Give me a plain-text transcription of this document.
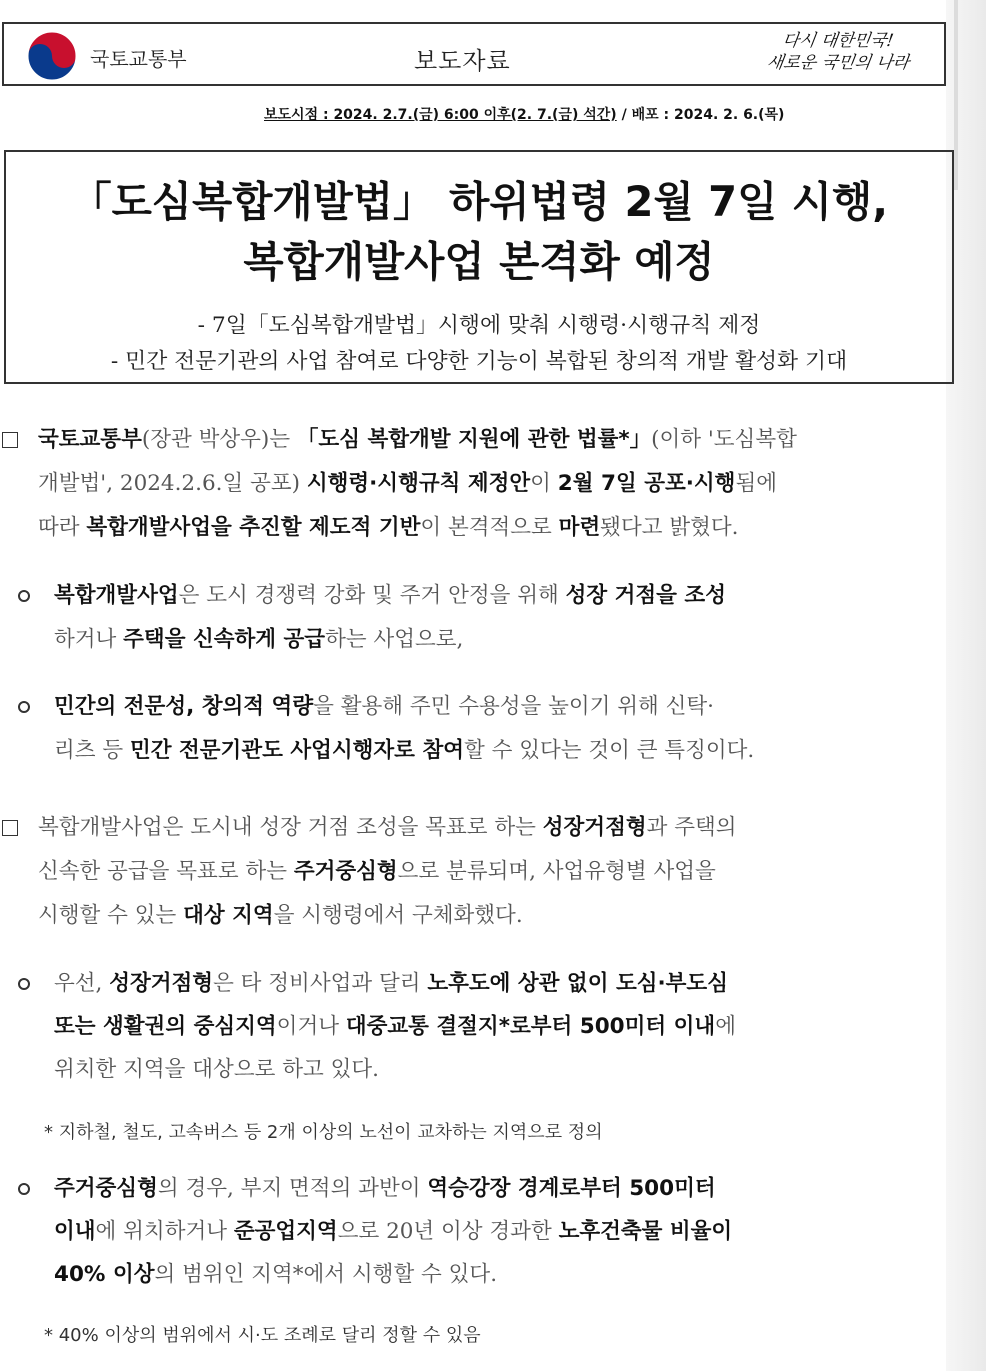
국토교통부	보도자료
다시 대한민국!
새로운 국민의 나라
보도시점 : 2024. 2.7.(금) 6:00 이후(2. 7.(금) 석간) / 배포 : 2024. 2. 6.(목)
「도심복합개발법」 하위법령 2월 7일 시행,
복합개발사업 본격화 예정
- 7일「도심복합개발법」시행에 맞춰 시행령·시행규칙 제정
- 민간 전문기관의 사업 참여로 다양한 기능이 복합된 창의적 개발 활성화 기대
국토교통부(장관 박상우)는 「도심 복합개발 지원에 관한 법률*」(이하 '도심복합
개발법', 2024.2.6.일 공포) 시행령·시행규칙 제정안이 2월 7일 공포·시행됨에
따라 복합개발사업을 추진할 제도적 기반이 본격적으로 마련됐다고 밝혔다.
복합개발사업은 도시 경쟁력 강화 및 주거 안정을 위해 성장 거점을 조성
하거나 주택을 신속하게 공급하는 사업으로,
민간의 전문성, 창의적 역량을 활용해 주민 수용성을 높이기 위해 신탁·
리츠 등 민간 전문기관도 사업시행자로 참여할 수 있다는 것이 큰 특징이다.
복합개발사업은 도시내 성장 거점 조성을 목표로 하는 성장거점형과 주택의
신속한 공급을 목표로 하는 주거중심형으로 분류되며, 사업유형별 사업을
시행할 수 있는 대상 지역을 시행령에서 구체화했다.
우선, 성장거점형은 타 정비사업과 달리 노후도에 상관 없이 도심·부도심
또는 생활권의 중심지역이거나 대중교통 결절지*로부터 500미터 이내에
위치한 지역을 대상으로 하고 있다.
* 지하철, 철도, 고속버스 등 2개 이상의 노선이 교차하는 지역으로 정의
주거중심형의 경우, 부지 면적의 과반이 역승강장 경계로부터 500미터
이내에 위치하거나 준공업지역으로 20년 이상 경과한 노후건축물 비율이
40% 이상의 범위인 지역*에서 시행할 수 있다.
* 40% 이상의 범위에서 시·도 조례로 달리 정할 수 있음
